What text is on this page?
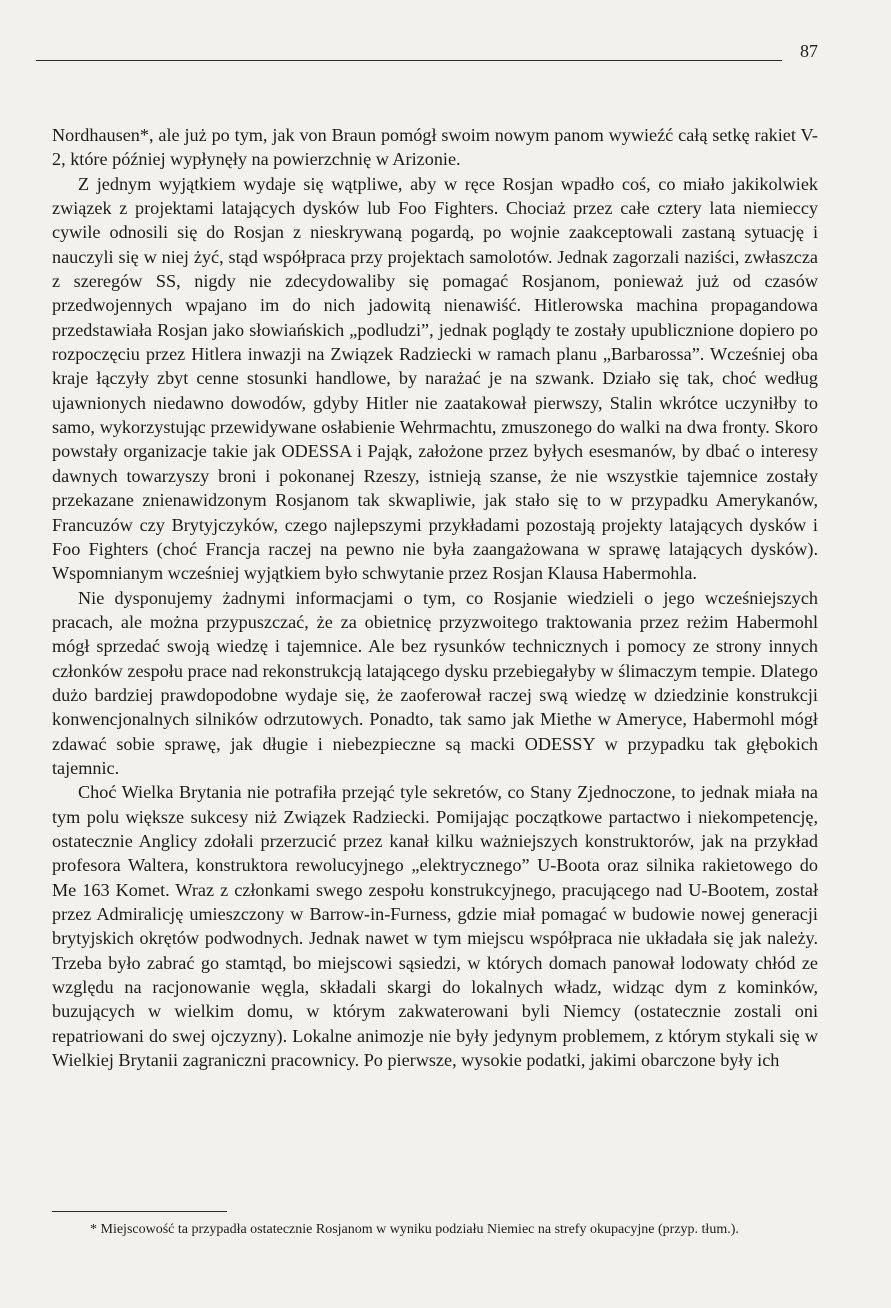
87

Nordhausen*, ale już po tym, jak von Braun pomógł swoim nowym panom wywieźć całą setkę rakiet V-2, które później wypłynęły na powierzchnię w Arizonie.

Z jednym wyjątkiem wydaje się wątpliwe, aby w ręce Rosjan wpadło coś, co miało jakikolwiek związek z projektami latających dysków lub Foo Fighters. Chociaż przez całe cztery lata niemieccy cywile odnosili się do Rosjan z nieskrywaną pogardą, po wojnie zaakceptowali zastaną sytuację i nauczyli się w niej żyć, stąd współpraca przy projektach samolotów. Jednak zagorzali naziści, zwłaszcza z szeregów SS, nigdy nie zdecydowaliby się pomagać Rosjanom, ponieważ już od czasów przedwojennych wpajano im do nich jadowitą nienawiść. Hitlerowska machina propagandowa przedstawiała Rosjan jako słowiańskich „podludzi”, jednak poglądy te zostały upublicznione dopiero po rozpoczęciu przez Hitlera inwazji na Związek Radziecki w ramach planu „Barbarossa”. Wcześniej oba kraje łączyły zbyt cenne stosunki handlowe, by narażać je na szwank. Działo się tak, choć według ujawnionych niedawno dowodów, gdyby Hitler nie zaatakował pierwszy, Stalin wkrótce uczyniłby to samo, wykorzystując przewidywane osłabienie Wehrmachtu, zmuszonego do walki na dwa fronty. Skoro powstały organizacje takie jak ODESSA i Pająk, założone przez byłych esesmanów, by dbać o interesy dawnych towarzyszy broni i pokonanej Rzeszy, istnieją szanse, że nie wszystkie tajemnice zostały przekazane znienawidzonym Rosjanom tak skwapliwie, jak stało się to w przypadku Amerykanów, Francuzów czy Brytyjczyków, czego najlepszymi przykładami pozostają projekty latających dysków i Foo Fighters (choć Francja raczej na pewno nie była zaangażowana w sprawę latających dysków). Wspomnianym wcześniej wyjątkiem było schwytanie przez Rosjan Klausa Habermohla.

Nie dysponujemy żadnymi informacjami o tym, co Rosjanie wiedzieli o jego wcześniejszych pracach, ale można przypuszczać, że za obietnicę przyzwoitego traktowania przez reżim Habermohl mógł sprzedać swoją wiedzę i tajemnice. Ale bez rysunków technicznych i pomocy ze strony innych członków zespołu prace nad rekonstrukcją latającego dysku przebiegałyby w ślimaczym tempie. Dlatego dużo bardziej prawdopodobne wydaje się, że zaoferował raczej swą wiedzę w dziedzinie konstrukcji konwencjonalnych silników odrzutowych. Ponadto, tak samo jak Miethe w Ameryce, Habermohl mógł zdawać sobie sprawę, jak długie i niebezpieczne są macki ODESSY w przypadku tak głębokich tajemnic.

Choć Wielka Brytania nie potrafiła przejąć tyle sekretów, co Stany Zjednoczone, to jednak miała na tym polu większe sukcesy niż Związek Radziecki. Pomijając początkowe partactwo i niekompetencję, ostatecznie Anglicy zdołali przerzucić przez kanał kilku ważniejszych konstruktorów, jak na przykład profesora Waltera, konstruktora rewolucyjnego „elektrycznego” U-Boota oraz silnika rakietowego do Me 163 Komet. Wraz z członkami swego zespołu konstrukcyjnego, pracującego nad U-Bootem, został przez Admiralicję umieszczony w Barrow-in-Furness, gdzie miał pomagać w budowie nowej generacji brytyjskich okrętów podwodnych. Jednak nawet w tym miejscu współpraca nie układała się jak należy. Trzeba było zabrać go stamtąd, bo miejscowi sąsiedzi, w których domach panował lodowaty chłód ze względu na racjonowanie węgla, składali skargi do lokalnych władz, widząc dym z kominków, buzujących w wielkim domu, w którym zakwaterowani byli Niemcy (ostatecznie zostali oni repatriowani do swej ojczyzny). Lokalne animozje nie były jedynym problemem, z którym stykali się w Wielkiej Brytanii zagraniczni pracownicy. Po pierwsze, wysokie podatki, jakimi obarczone były ich

* Miejscowość ta przypadła ostatecznie Rosjanom w wyniku podziału Niemiec na strefy okupacyjne (przyp. tłum.).
